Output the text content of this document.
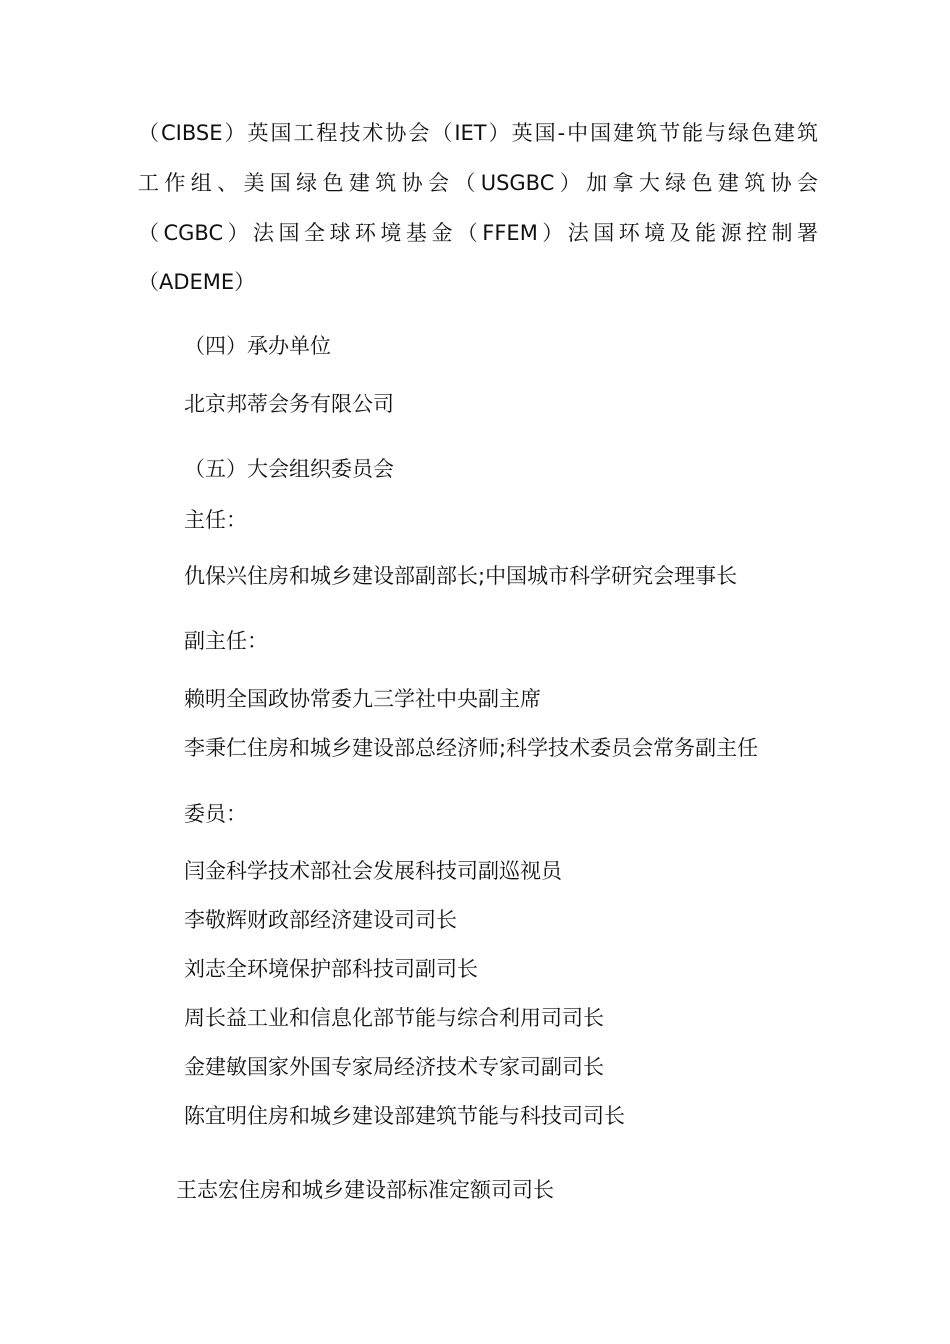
（CIBSE）英国工程技术协会（IET）英国-中国建筑节能与绿色建筑

工作组、美国绿色建筑协会（USGBC）加拿大绿色建筑协会

（CGBC）法国全球环境基金（FFEM）法国环境及能源控制署

（ADEME）

（四）承办单位

北京邦蒂会务有限公司

（五）大会组织委员会

主任：

仇保兴住房和城乡建设部副部长;中国城市科学研究会理事长

副主任：

赖明全国政协常委九三学社中央副主席

李秉仁住房和城乡建设部总经济师;科学技术委员会常务副主任

委员：

闫金科学技术部社会发展科技司副巡视员

李敬辉财政部经济建设司司长

刘志全环境保护部科技司副司长

周长益工业和信息化部节能与综合利用司司长

金建敏国家外国专家局经济技术专家司副司长

陈宜明住房和城乡建设部建筑节能与科技司司长

王志宏住房和城乡建设部标准定额司司长
